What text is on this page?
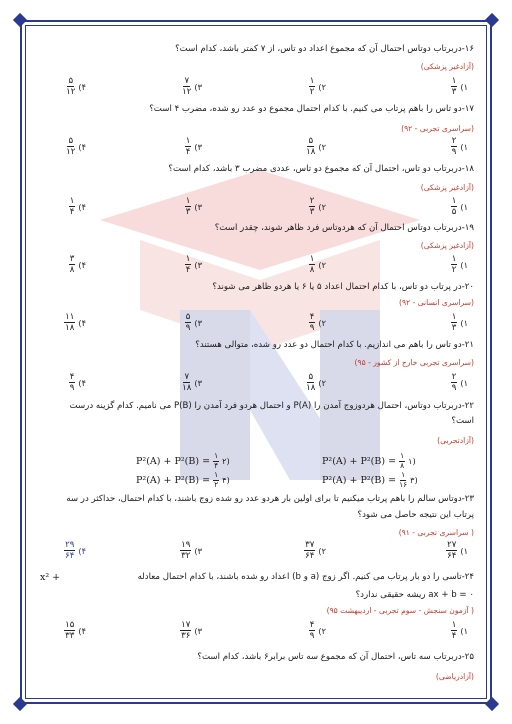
۱۶-دربرتاب دوتاس احتمال آن که مجموع اعداد دو تاس، از ۷ کمتر باشد، کدام است؟
(آزادغیر پزشکی)
۱)
$\frac{۱}{۳}$
۲)
$\frac{۱}{۲}$
۳)
$\frac{۷}{۱۲}$
۴)
$\frac{۵}{۱۲}$
۱۷-دو تاس را باهم پرتاب می کنیم. با کدام احتمال مجموع دو عدد رو شده، مضرب ۴ است؟
(سراسری تجربی - ۹۲)
۱)
$\frac{۲}{۹}$
۲)
$\frac{۵}{۱۸}$
۳)
$\frac{۱}{۴}$
۴)
$\frac{۵}{۱۲}$
۱۸-دربرتاب دو تاس، احتمال آن که مجموع دو تاس، عددی مضرب ۳ باشد، کدام است؟
(آزادغیر پزشکی)
۱)
$\frac{۱}{۵}$
۲)
$\frac{۲}{۳}$
۳)
$\frac{۱}{۳}$
۴)
$\frac{۱}{۴}$
۱۹-دربرتاب دوتاس احتمال آن که هردوتاس فرد ظاهر شوند، چقدر است؟
(آزادغیر پزشکی)
۱)
$\frac{۱}{۲}$
۲)
$\frac{۱}{۸}$
۳)
$\frac{۱}{۴}$
۴)
$\frac{۳}{۸}$
۲۰-در پرتاب دو تاس، با کدام احتمال اعداد ۵ یا ۶ یا هردو ظاهر می شوند؟
(سراسری انسانی - ۹۲)
۱)
$\frac{۱}{۳}$
۲)
$\frac{۴}{۹}$
۳)
$\frac{۵}{۹}$
۴)
$\frac{۱۱}{۱۸}$
۲۱-دو تاس را باهم می اندازیم. با کدام احتمال دو عدد رو شده، متوالی هستند؟
(سراسری تجربی خارج از کشور - ۹۵)
۱)
$\frac{۲}{۹}$
۲)
$\frac{۵}{۱۸}$
۳)
$\frac{۷}{۱۸}$
۴)
$\frac{۴}{۹}$
۲۲-دربرتاب دوتاس، احتمال هردوزوج آمدن را P(A) و احتمال هردو فرد آمدن را P(B) می نامیم. کدام گزینه درست
است؟
(آزادتجربی)
$P^2(A) + P^2(B) = \frac{۱}{۸}$ ۱)
$P^2(A) + P^2(B) = \frac{۱}{۴}$ ۲)
$P^2(A) + P^2(B) = \frac{۱}{۱۶}$ ۳)
$P^2(A) + P^2(B) = \frac{۱}{۲}$ ۴)
۲۳-دوتاس سالم را باهم پرتاب میکنیم تا برای اولین بار هردو عدد رو شده زوج باشند، با کدام احتمال، حداکثر در سه
پرتاب این نتیجه حاصل می شود؟
( سراسری تجربی - ۹۱)
۱)
$\frac{۲۷}{۶۴}$
۲)
$\frac{۳۷}{۶۴}$
۳)
$\frac{۱۹}{۳۲}$
۴)
$\frac{۲۹}{۶۴}$
۲۴-تاسی را دو بار پرتاب می کنیم. اگر زوج (a و b) اعداد رو شده باشند، با کدام احتمال معادله
x² +
ax + b = ۰ ریشه حقیقی ندارد؟
( آزمون سنجش - سوم تجربی - اردیبهشت ۹۵)
۱)
$\frac{۱}{۴}$
۲)
$\frac{۴}{۹}$
۳)
$\frac{۱۷}{۳۶}$
۴)
$\frac{۱۵}{۳۳}$
۲۵-دربرتاب سه تاس، احتمال آن که مجموع سه تاس برابر۶ باشد، کدام است؟
(آزادریاضی)
